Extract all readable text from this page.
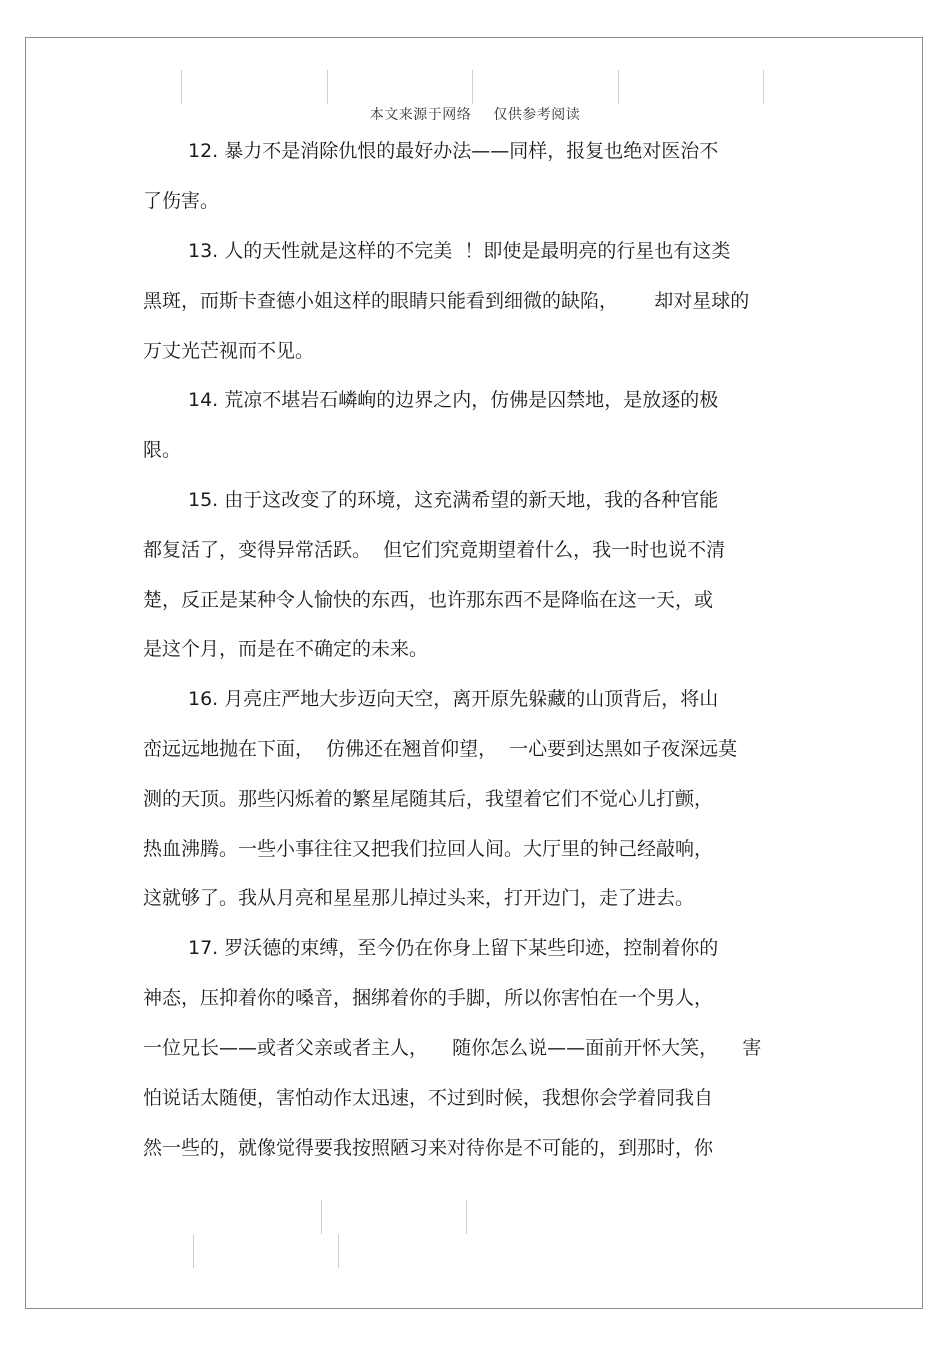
本文来源于网络 仅供参考阅读
12. 暴力不是消除仇恨的最好办法——同样，报复也绝对医治不
了伤害。
13. 人的天性就是这样的不完美  ！即使是最明亮的行星也有这类
黑斑，而斯卡查德小姐这样的眼睛只能看到细微的缺陷，      却对星球的
万丈光芒视而不见。
14. 荒凉不堪岩石嶙峋的边界之内，仿佛是囚禁地，是放逐的极
限。
15. 由于这改变了的环境，这充满希望的新天地，我的各种官能
都复活了，变得异常活跃。  但它们究竟期望着什么，我一时也说不清
楚，反正是某种令人愉快的东西，也许那东西不是降临在这一天，或
是这个月，而是在不确定的未来。
16. 月亮庄严地大步迈向天空，离开原先躲藏的山顶背后，将山
峦远远地抛在下面，  仿佛还在翘首仰望，  一心要到达黑如子夜深远莫
测的天顶。那些闪烁着的繁星尾随其后，我望着它们不觉心儿打颤，
热血沸腾。一些小事往往又把我们拉回人间。大厅里的钟己经敲响，
这就够了。我从月亮和星星那儿掉过头来，打开边门，走了进去。
17. 罗沃德的束缚，至今仍在你身上留下某些印迹，控制着你的
神态，压抑着你的嗓音，捆绑着你的手脚，所以你害怕在一个男人，
一位兄长——或者父亲或者主人，    随你怎么说——面前开怀大笑，    害
怕说话太随便，害怕动作太迅速，不过到时候，我想你会学着同我自
然一些的，就像觉得要我按照陋习来对待你是不可能的，到那时，你
